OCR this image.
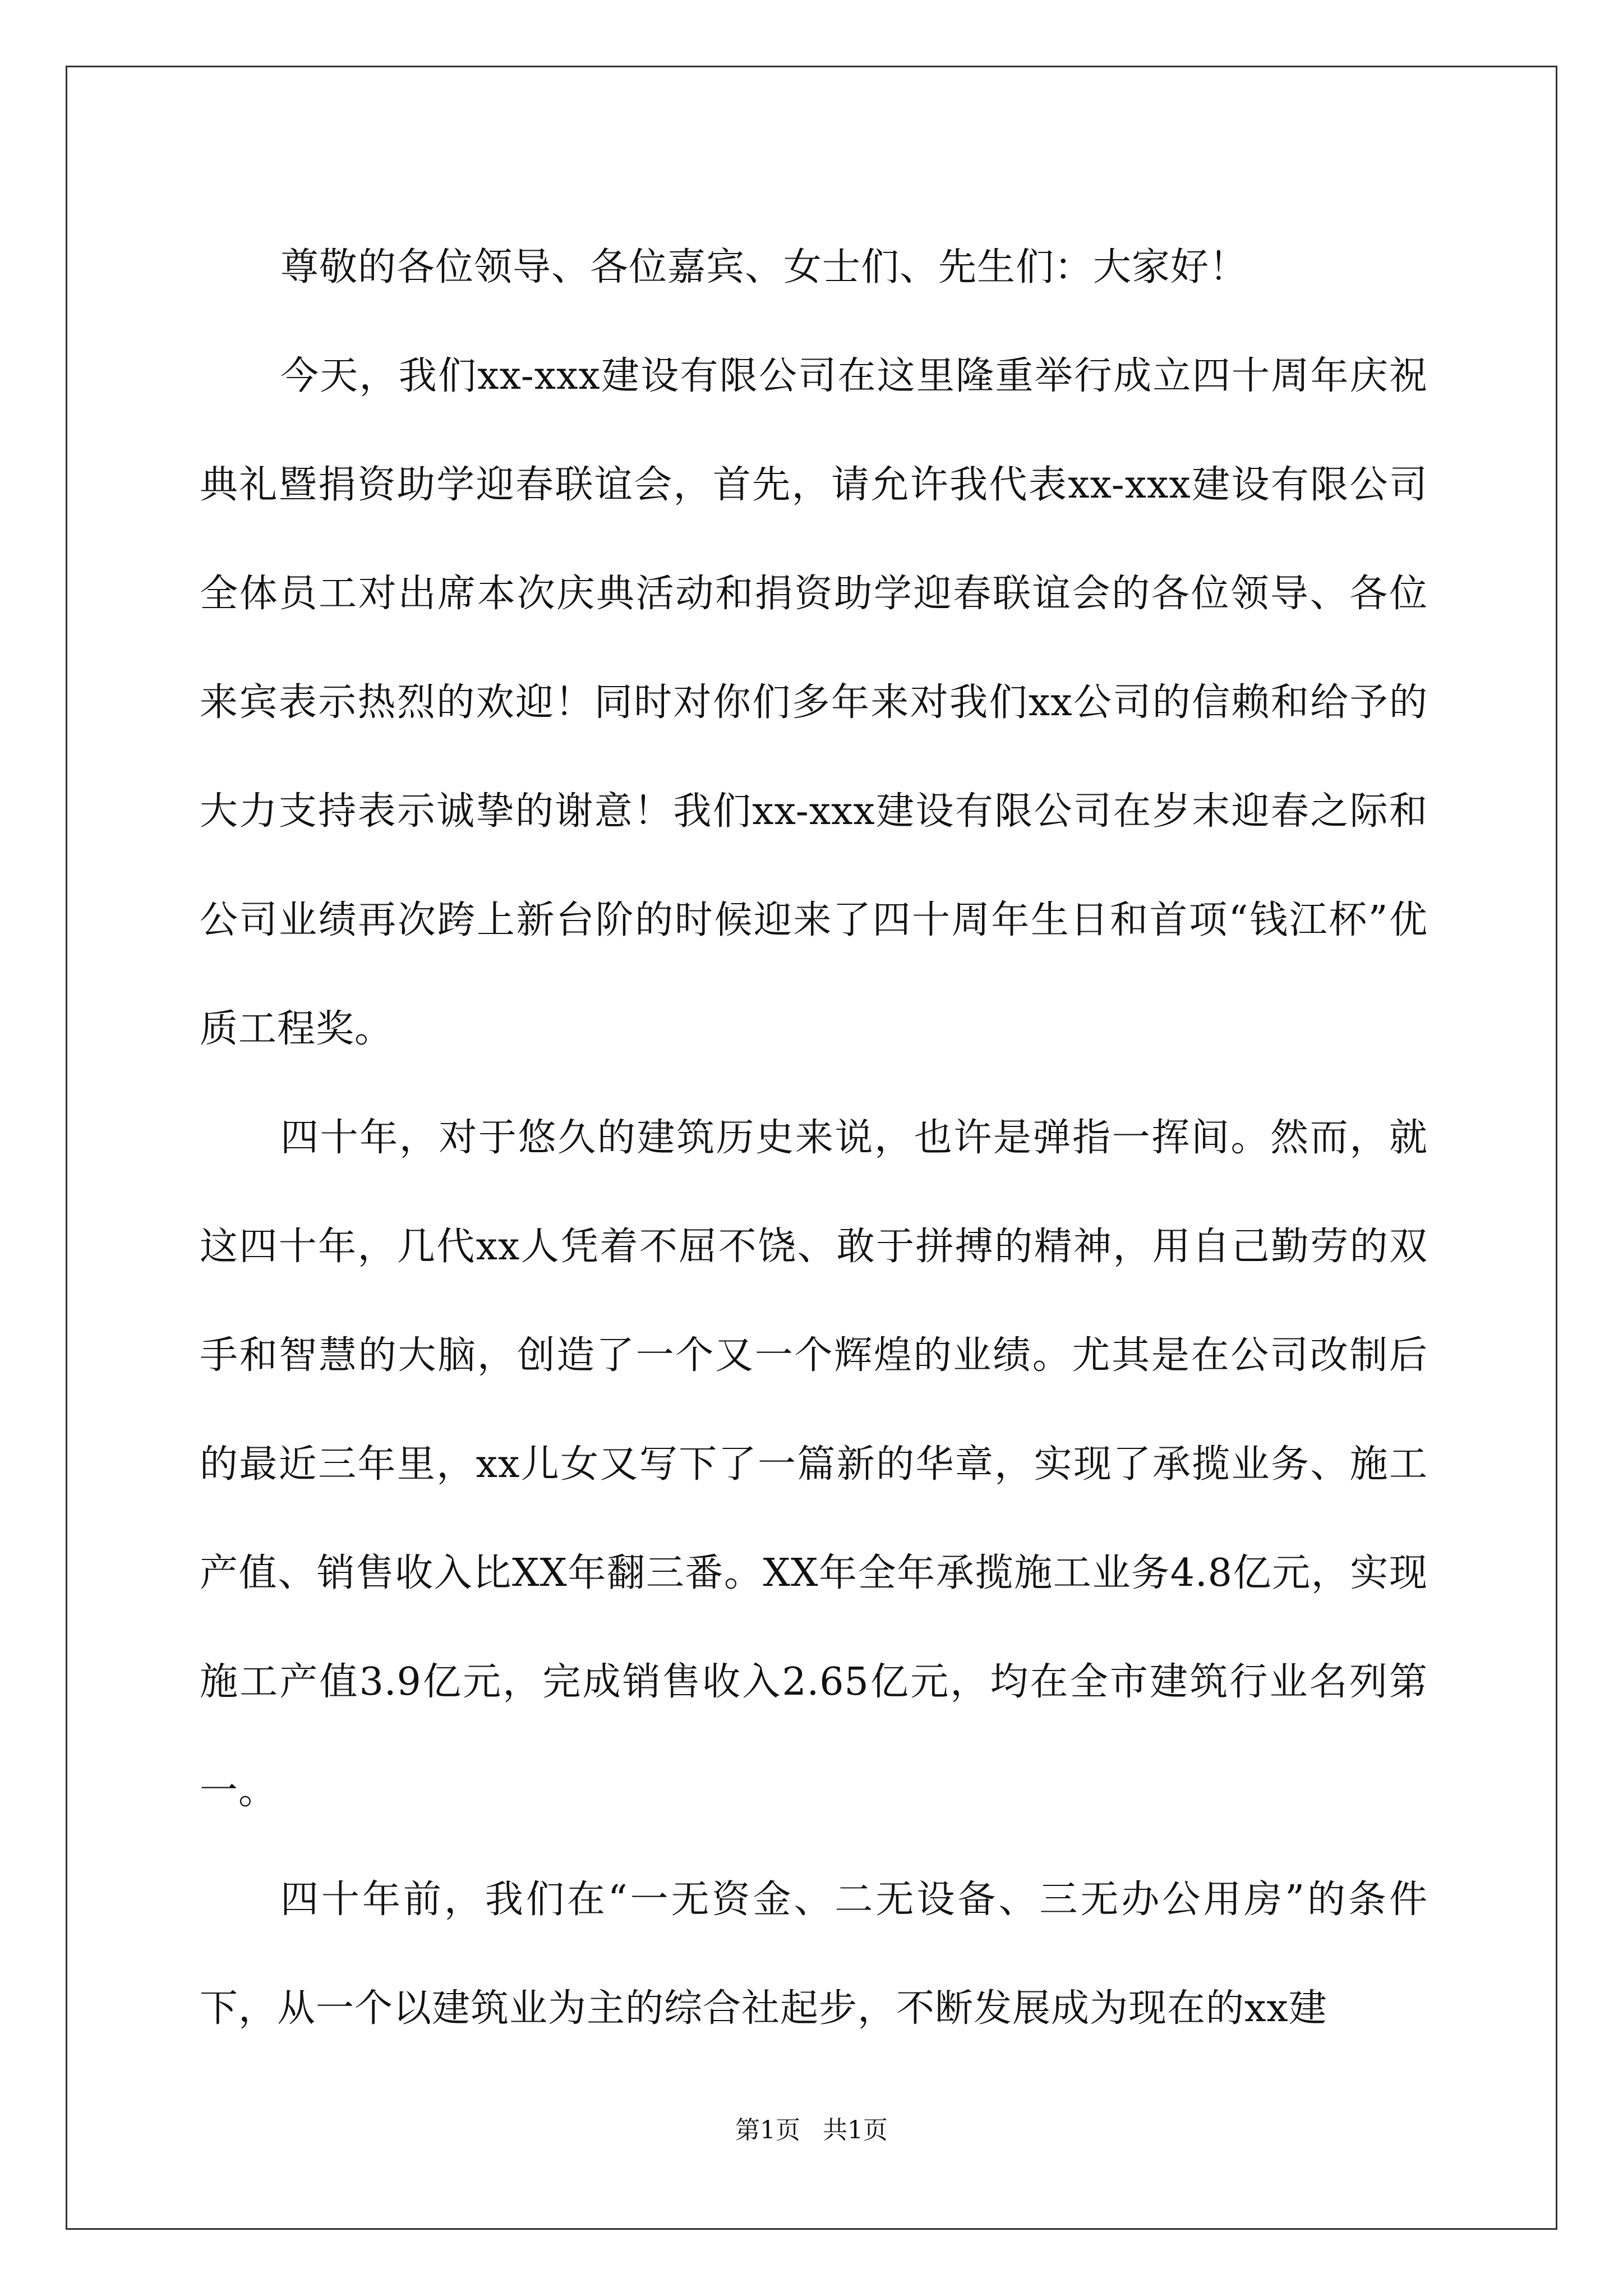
尊敬的各位领导、各位嘉宾、女士们、先生们：大家好！

今天，我们xx-xxx建设有限公司在这里隆重举行成立四十周年庆祝典礼暨捐资助学迎春联谊会，首先，请允许我代表xx-xxx建设有限公司全体员工对出席本次庆典活动和捐资助学迎春联谊会的各位领导、各位来宾表示热烈的欢迎！同时对你们多年来对我们xx公司的信赖和给予的大力支持表示诚挚的谢意！我们xx-xxx建设有限公司在岁末迎春之际和公司业绩再次跨上新台阶的时候迎来了四十周年生日和首项“钱江杯”优质工程奖。

四十年，对于悠久的建筑历史来说，也许是弹指一挥间。然而，就这四十年，几代xx人凭着不屈不饶、敢于拼搏的精神，用自己勤劳的双手和智慧的大脑，创造了一个又一个辉煌的业绩。尤其是在公司改制后的最近三年里，xx儿女又写下了一篇新的华章，实现了承揽业务、施工产值、销售收入比XX年翻三番。XX年全年承揽施工业务4.8亿元，实现施工产值3.9亿元，完成销售收入2.65亿元，均在全市建筑行业名列第一。

四十年前，我们在“一无资金、二无设备、三无办公用房”的条件下，从一个以建筑业为主的综合社起步，不断发展成为现在的xx建

第1页 共1页
